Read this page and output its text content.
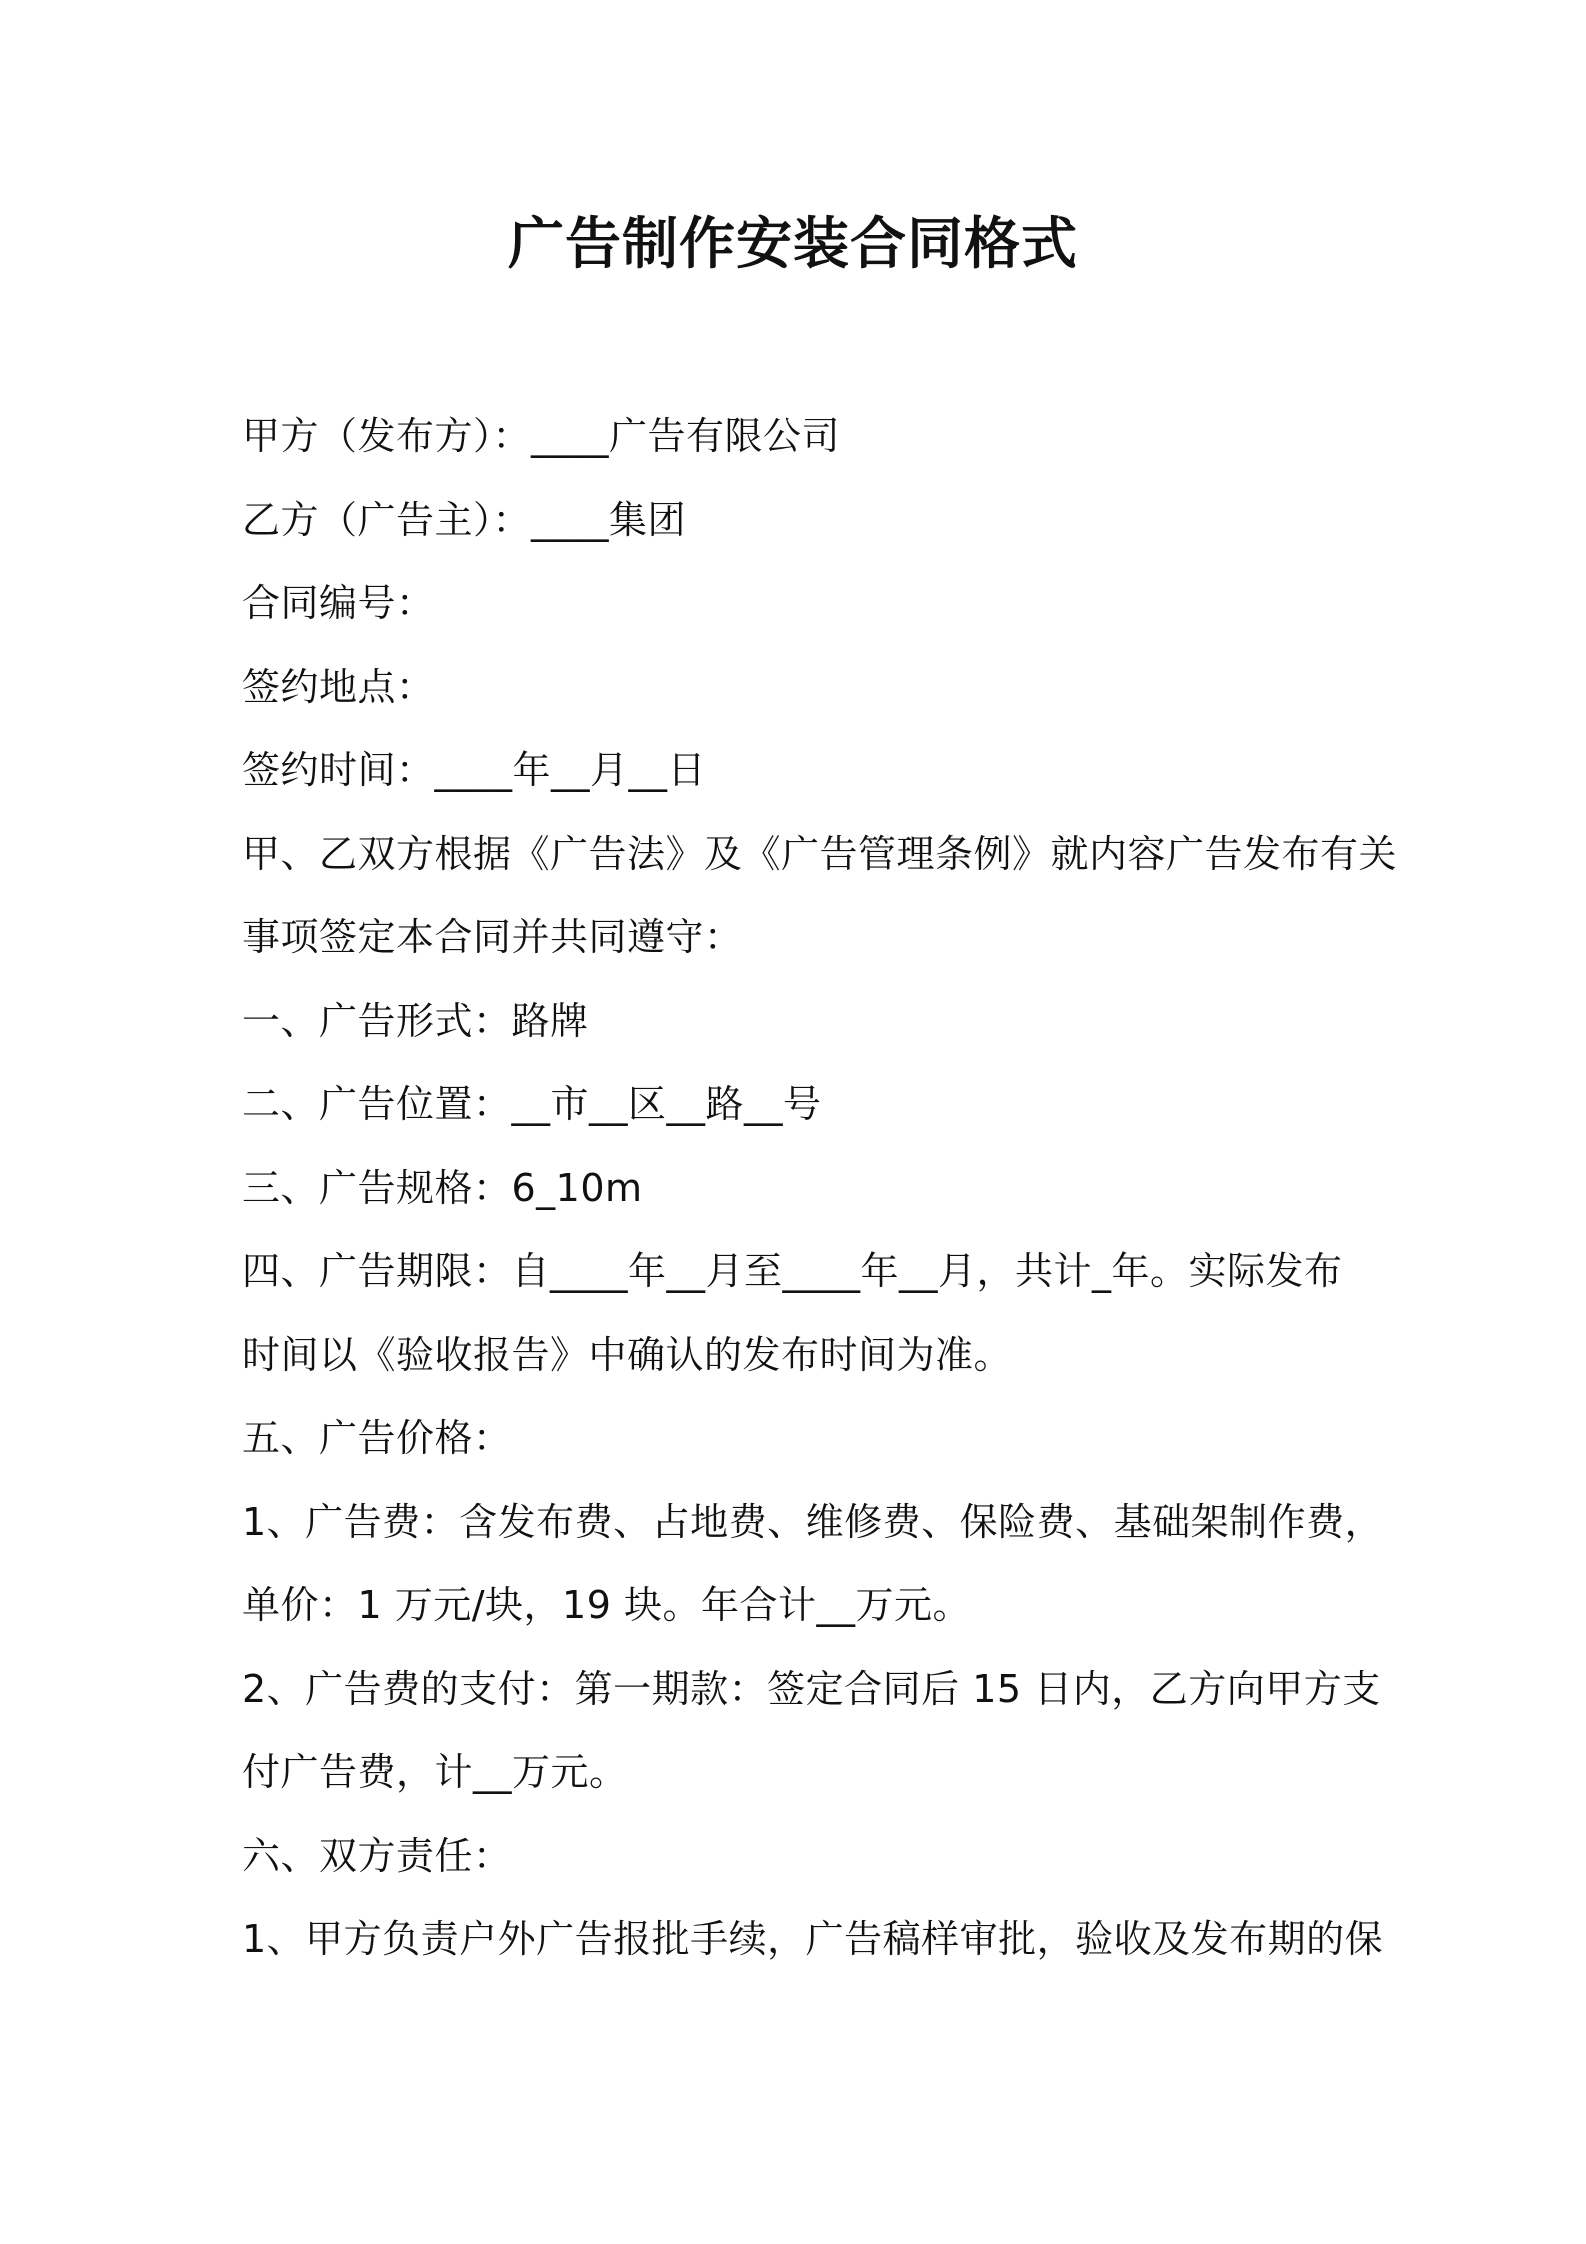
广告制作安装合同格式
甲方（发布方）：____广告有限公司
乙方（广告主）：____集团
合同编号：
签约地点：
签约时间：____年__月__日
甲、乙双方根据《广告法》及《广告管理条例》就内容广告发布有关
事项签定本合同并共同遵守：
一、广告形式：路牌
二、广告位置：__市__区__路__号
三、广告规格：6_10m
四、广告期限：自____年__月至____年__月，共计_年。实际发布
时间以《验收报告》中确认的发布时间为准。
五、广告价格：
1、广告费：含发布费、占地费、维修费、保险费、基础架制作费，
单价：1 万元/块，19 块。年合计__万元。
2、广告费的支付：第一期款：签定合同后 15 日内，乙方向甲方支
付广告费，计__万元。
六、双方责任：
1、甲方负责户外广告报批手续，广告稿样审批，验收及发布期的保
